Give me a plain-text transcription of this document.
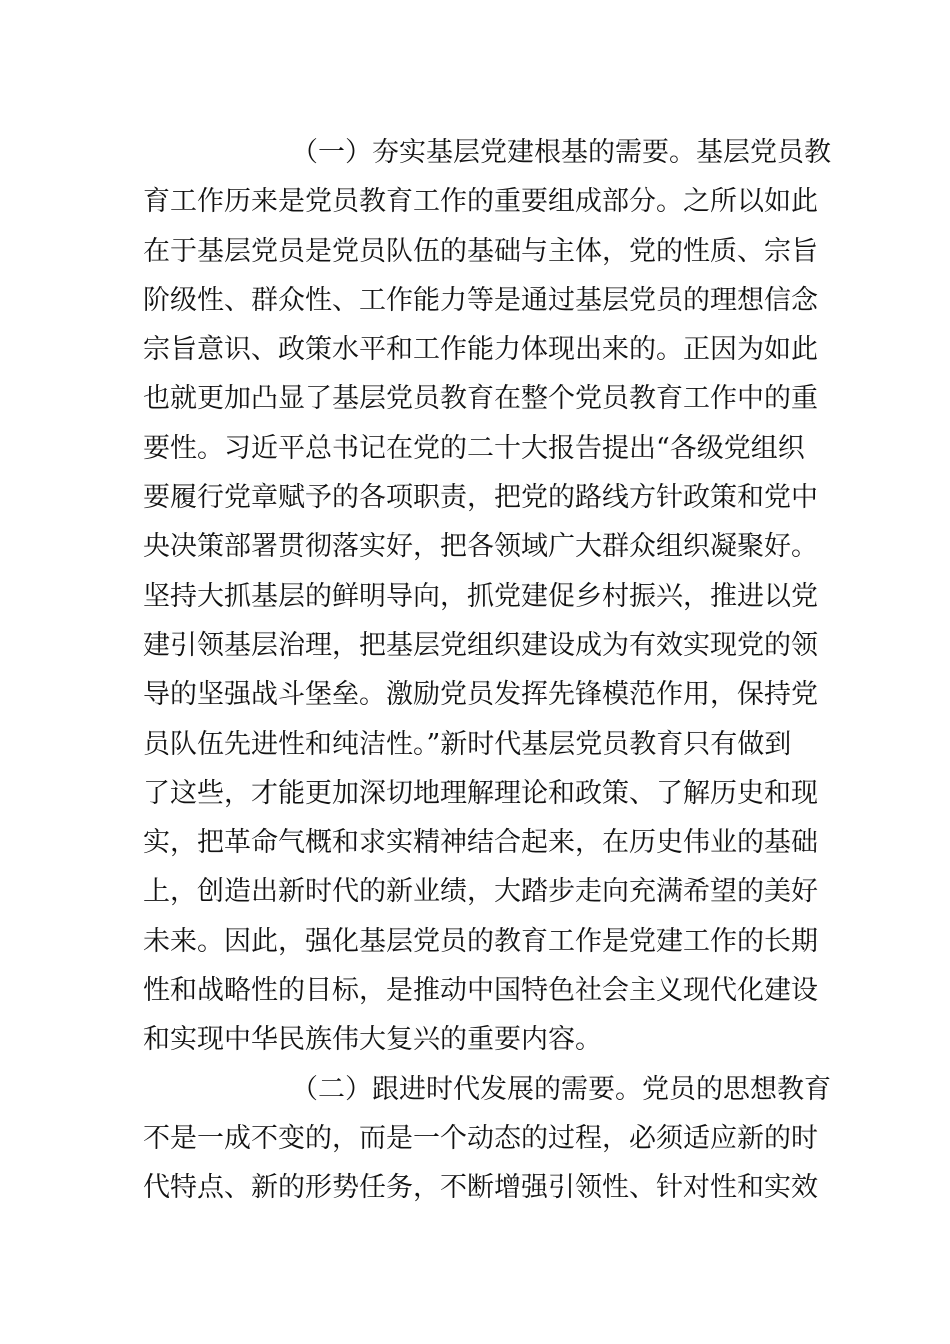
（一）夯实基层党建根基的需要。基层党员教
育工作历来是党员教育工作的重要组成部分。之所以如此
在于基层党员是党员队伍的基础与主体，党的性质、宗旨
阶级性、群众性、工作能力等是通过基层党员的理想信念
宗旨意识、政策水平和工作能力体现出来的。正因为如此
也就更加凸显了基层党员教育在整个党员教育工作中的重
要性。习近平总书记在党的二十大报告提出“各级党组织
要履行党章赋予的各项职责，把党的路线方针政策和党中
央决策部署贯彻落实好，把各领域广大群众组织凝聚好。
坚持大抓基层的鲜明导向，抓党建促乡村振兴，推进以党
建引领基层治理，把基层党组织建设成为有效实现党的领
导的坚强战斗堡垒。激励党员发挥先锋模范作用，保持党
员队伍先进性和纯洁性。”新时代基层党员教育只有做到
了这些，才能更加深切地理解理论和政策、了解历史和现
实，把革命气概和求实精神结合起来，在历史伟业的基础
上，创造出新时代的新业绩，大踏步走向充满希望的美好
未来。因此，强化基层党员的教育工作是党建工作的长期
性和战略性的目标，是推动中国特色社会主义现代化建设
和实现中华民族伟大复兴的重要内容。
（二）跟进时代发展的需要。党员的思想教育
不是一成不变的，而是一个动态的过程，必须适应新的时
代特点、新的形势任务，不断增强引领性、针对性和实效
